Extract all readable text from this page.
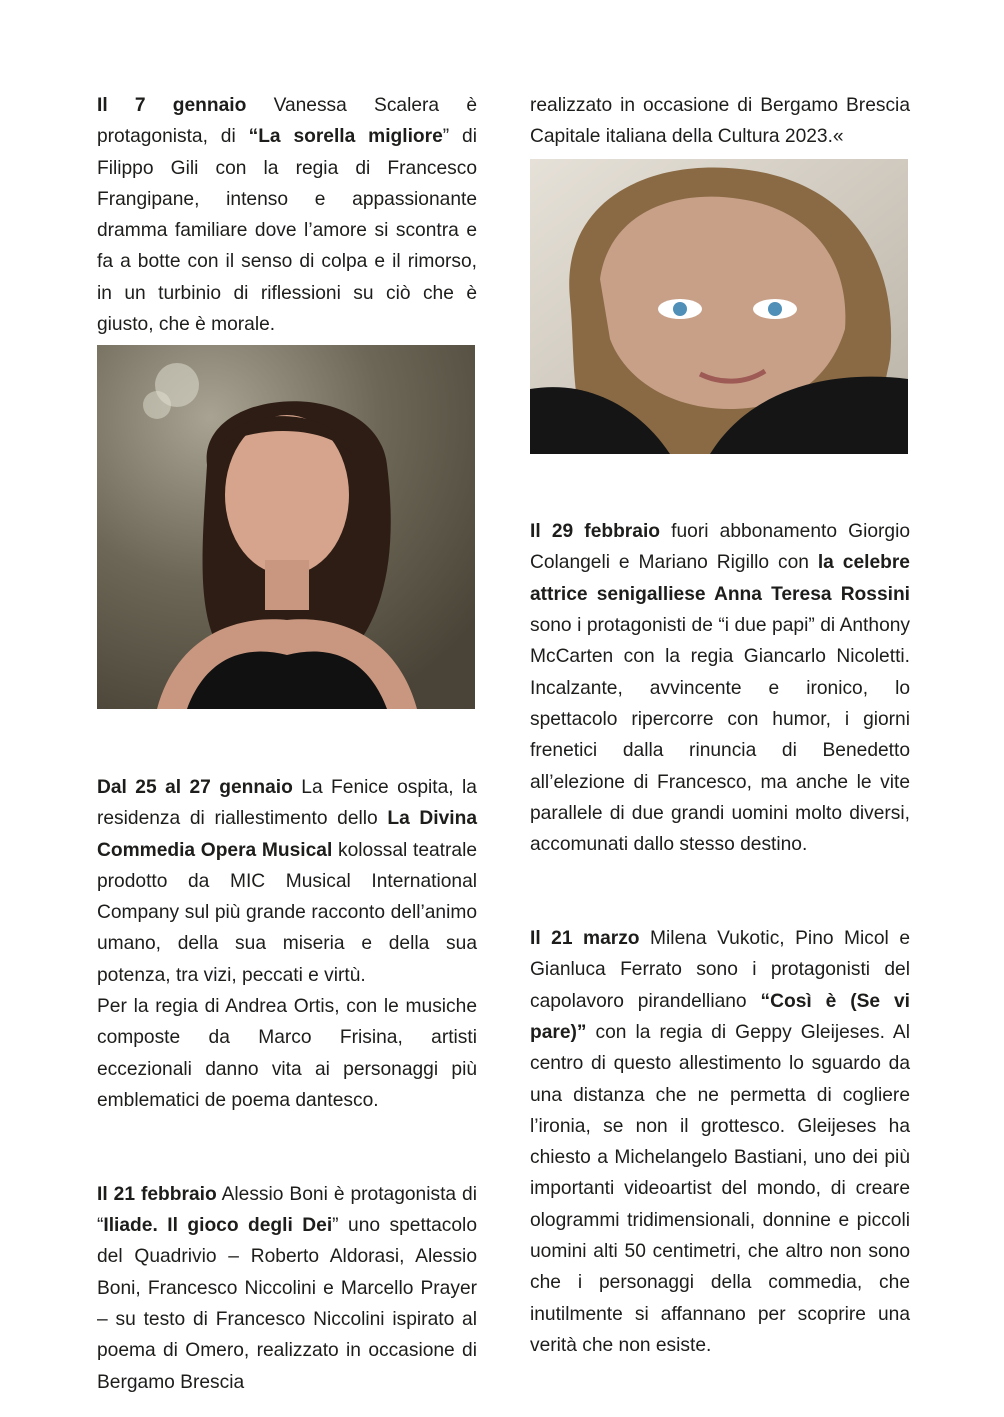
Il 7 gennaio Vanessa Scalera è protagonista, di “La sorella migliore” di Filippo Gili con la regia di Francesco Frangipane, intenso e appassionante dramma familiare dove l’amore si scontra e fa a botte con il senso di colpa e il rimorso, in un turbinio di riflessioni su ciò che è giusto, che è morale.

Dal 25 al 27 gennaio La Fenice ospita, la residenza di riallestimento dello La Divina Commedia Opera Musical kolossal teatrale prodotto da MIC Musical International Company sul più grande racconto dell’animo umano, della sua miseria e della sua potenza, tra vizi, peccati e virtù.

Per la regia di Andrea Ortis, con le musiche composte da Marco Frisina, artisti eccezionali danno vita ai personaggi più emblematici de poema dantesco.

Il 21 febbraio Alessio Boni è protagonista di “Iliade. Il gioco degli Dei” uno spettacolo del Quadrivio – Roberto Aldorasi, Alessio Boni, Francesco Niccolini e Marcello Prayer – su testo di Francesco Niccolini ispirato al poema di Omero, realizzato in occasione di Bergamo Brescia

realizzato in occasione di Bergamo Brescia Capitale italiana della Cultura 2023.«

Il 29 febbraio fuori abbonamento Giorgio Colangeli e Mariano Rigillo con la celebre attrice senigalliese Anna Teresa Rossini sono i protagonisti de “i due papi” di Anthony McCarten con la regia Giancarlo Nicoletti. Incalzante, avvincente e ironico, lo spettacolo ripercorre con humor, i giorni frenetici dalla rinuncia di Benedetto all’elezione di Francesco, ma anche le vite parallele di due grandi uomini molto diversi, accomunati dallo stesso destino.

Il 21 marzo Milena Vukotic, Pino Micol e Gianluca Ferrato sono i protagonisti del capolavoro pirandelliano “Così è (Se vi pare)” con la regia di Geppy Gleijeses. Al centro di questo allestimento lo sguardo da una distanza che ne permetta di cogliere l’ironia, se non il grottesco. Gleijeses ha chiesto a Michelangelo Bastiani, uno dei più importanti videoartist del mondo, di creare ologrammi tridimensionali, donnine e piccoli uomini alti 50 centimetri, che altro non sono che i personaggi della commedia, che inutilmente si affannano per scoprire una verità che non esiste.
